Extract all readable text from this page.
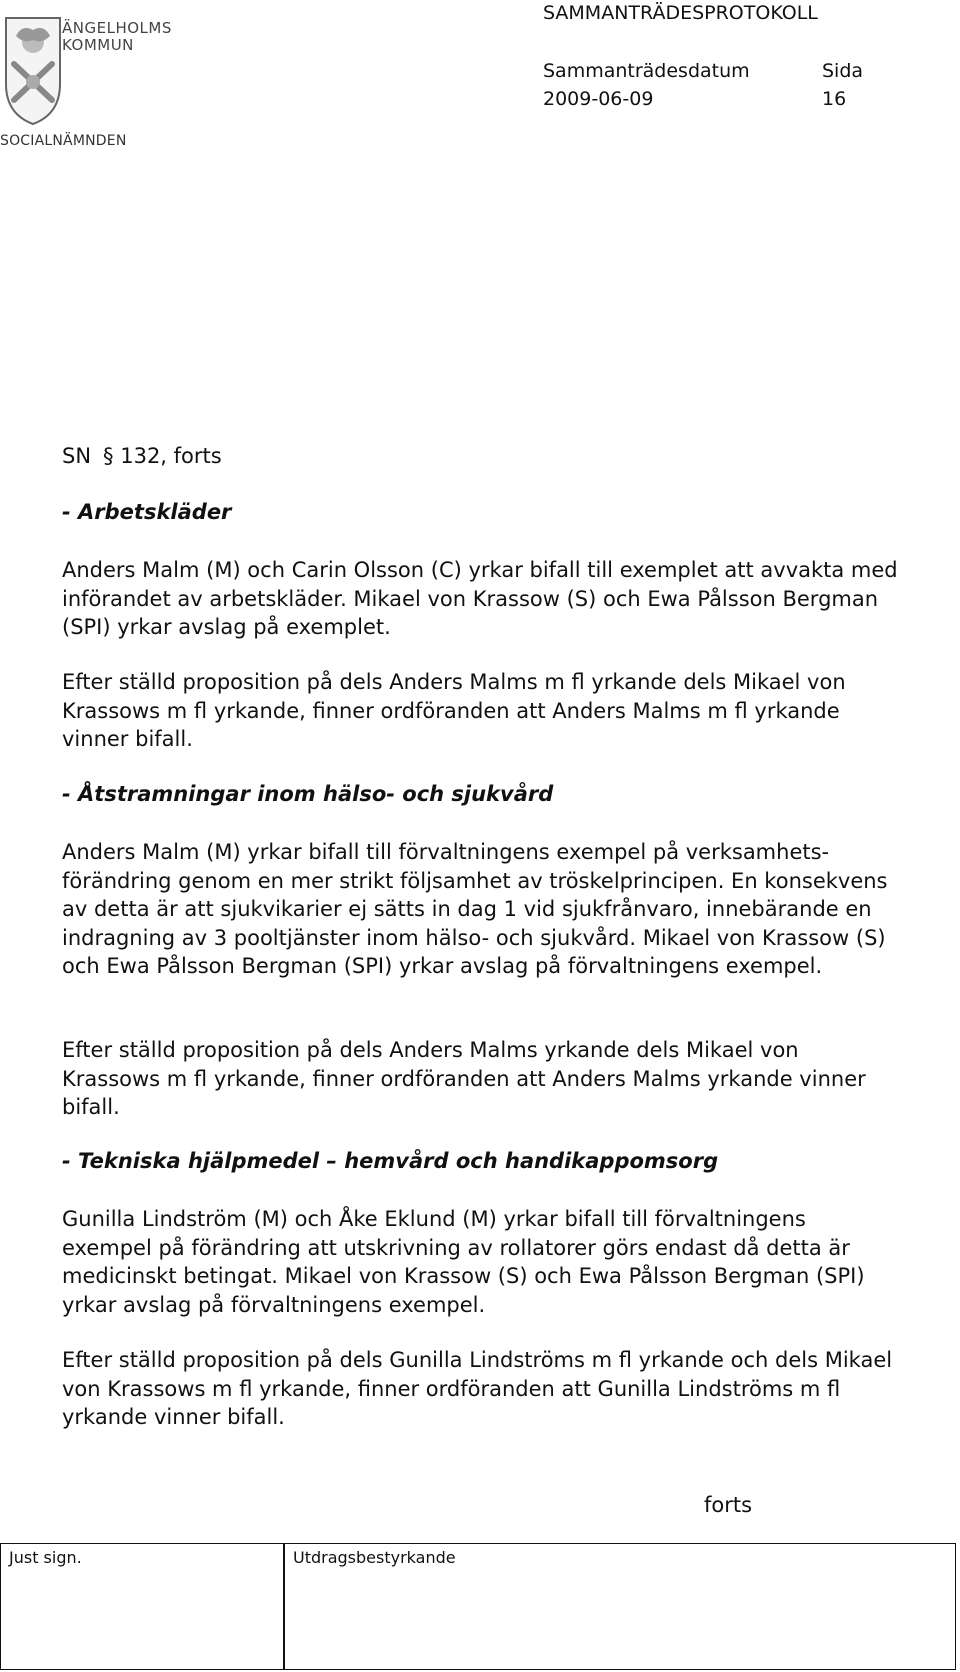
ÄNGELHOLMS
KOMMUN
SOCIALNÄMNDEN
SAMMANTRÄDESPROTOKOLL
Sammanträdesdatum	Sida
2009-06-09	16
SN § 132, forts
- Arbetskläder

Anders Malm (M) och Carin Olsson (C) yrkar bifall till exemplet att avvakta med införandet av arbetskläder. Mikael von Krassow (S) och Ewa Pålsson Bergman (SPI) yrkar avslag på exemplet.

Efter ställd proposition på dels Anders Malms m fl yrkande dels Mikael von Krassows m fl yrkande, finner ordföranden att Anders Malms m fl yrkande vinner bifall.

- Åtstramningar inom hälso- och sjukvård

Anders Malm (M) yrkar bifall till förvaltningens exempel på verksamhets-förändring genom en mer strikt följsamhet av tröskelprincipen. En konsekvens av detta är att sjukvikarier ej sätts in dag 1 vid sjukfrånvaro, innebärande en indragning av 3 pooltjänster inom hälso- och sjukvård. Mikael von Krassow (S) och Ewa Pålsson Bergman (SPI) yrkar avslag på förvaltningens exempel.

Efter ställd proposition på dels Anders Malms yrkande dels Mikael von Krassows m fl yrkande, finner ordföranden att Anders Malms yrkande vinner bifall.

- Tekniska hjälpmedel – hemvård och handikappomsorg

Gunilla Lindström (M) och Åke Eklund (M) yrkar bifall till förvaltningens exempel på förändring att utskrivning av rollatorer görs endast då detta är medicinskt betingat. Mikael von Krassow (S) och Ewa Pålsson Bergman (SPI) yrkar avslag på förvaltningens exempel.

Efter ställd proposition på dels Gunilla Lindströms m fl yrkande och dels Mikael von Krassows m fl yrkande, finner ordföranden att Gunilla Lindströms m fl yrkande vinner bifall.

forts
Just sign.	Utdragsbestyrkande
